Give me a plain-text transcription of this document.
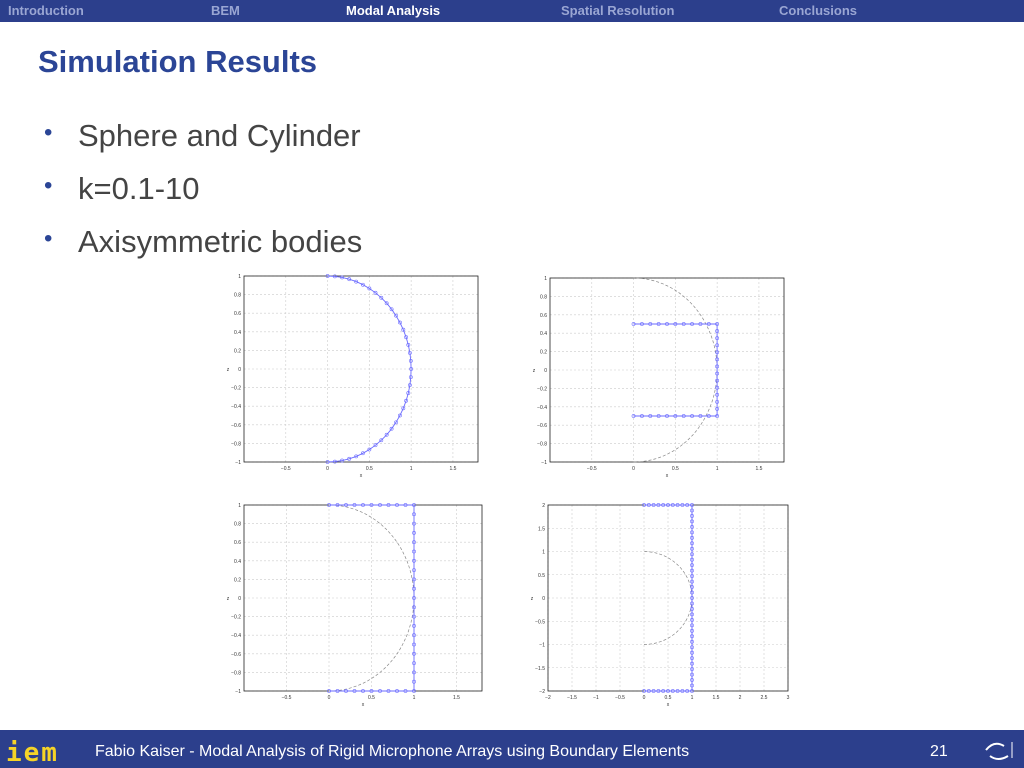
Introduction	BEM	Modal Analysis	Spatial Resolution	Conclusions
Simulation Results
• Sphere and Cylinder
• k=0.1-10
• Axisymmetric bodies
−0.5	0	0.5	1	1.5
−1
−0.8
−0.6
−0.4
−0.2
0
0.2
0.4
0.6
0.8
1
x
z
−0.5	0	0.5	1	1.5
−1
−0.8
−0.6
−0.4
−0.2
0
0.2
0.4
0.6
0.8
1
x
z
−0.5	0	0.5	1	1.5
−1
−0.8
−0.6
−0.4
−0.2
0
0.2
0.4
0.6
0.8
1
x
z
−2	−1.5	−1	−0.5	0	0.5	1	1.5	2	2.5	3
−2
−1.5
−1
−0.5
0
0.5
1
1.5
2
x
z
iem Fabio Kaiser - Modal Analysis of Rigid Microphone Arrays using Boundary Elements	21
